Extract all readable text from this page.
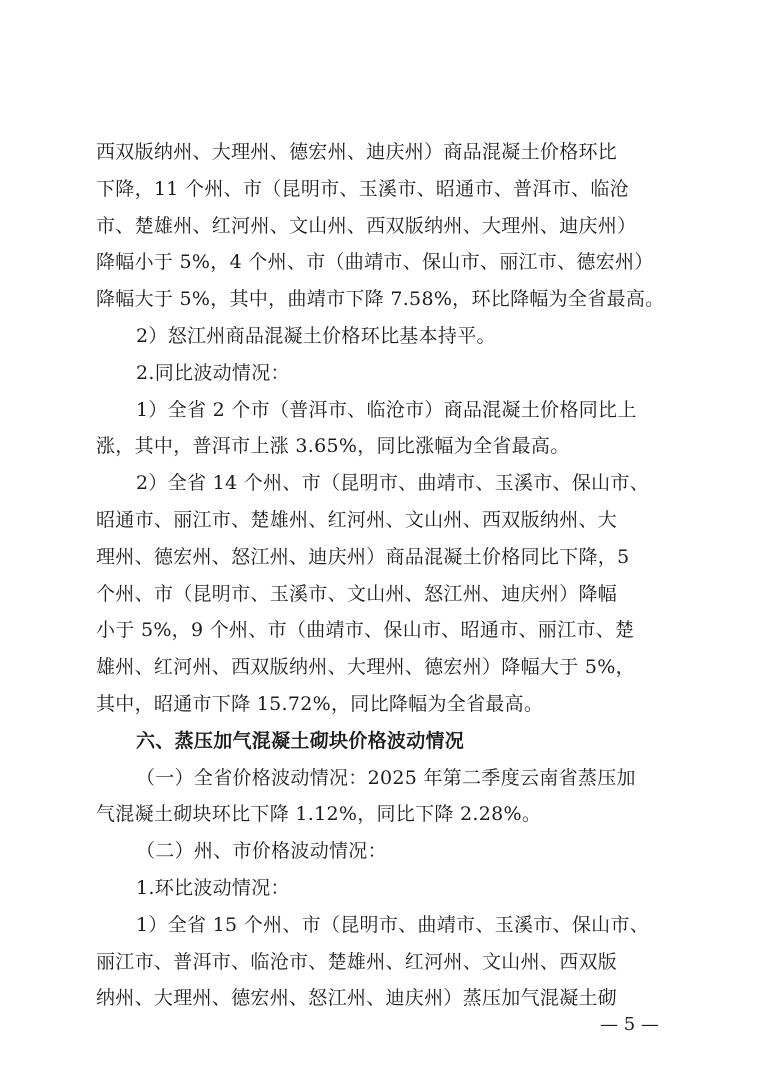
西双版纳州、大理州、德宏州、迪庆州）商品混凝土价格环比
下降，11 个州、市（昆明市、玉溪市、昭通市、普洱市、临沧
市、楚雄州、红河州、文山州、西双版纳州、大理州、迪庆州）
降幅小于 5%，4 个州、市（曲靖市、保山市、丽江市、德宏州）
降幅大于 5%，其中，曲靖市下降 7.58%，环比降幅为全省最高。
2）怒江州商品混凝土价格环比基本持平。
2.同比波动情况：
1）全省 2 个市（普洱市、临沧市）商品混凝土价格同比上
涨，其中，普洱市上涨 3.65%，同比涨幅为全省最高。
2）全省 14 个州、市（昆明市、曲靖市、玉溪市、保山市、
昭通市、丽江市、楚雄州、红河州、文山州、西双版纳州、大
理州、德宏州、怒江州、迪庆州）商品混凝土价格同比下降，5
个州、市（昆明市、玉溪市、文山州、怒江州、迪庆州）降幅
小于 5%，9 个州、市（曲靖市、保山市、昭通市、丽江市、楚
雄州、红河州、西双版纳州、大理州、德宏州）降幅大于 5%，
其中，昭通市下降 15.72%，同比降幅为全省最高。
六、蒸压加气混凝土砌块价格波动情况
（一）全省价格波动情况：2025 年第二季度云南省蒸压加
气混凝土砌块环比下降 1.12%，同比下降 2.28%。
（二）州、市价格波动情况：
1.环比波动情况：
1）全省 15 个州、市（昆明市、曲靖市、玉溪市、保山市、
丽江市、普洱市、临沧市、楚雄州、红河州、文山州、西双版
纳州、大理州、德宏州、怒江州、迪庆州）蒸压加气混凝土砌
— 5 —
